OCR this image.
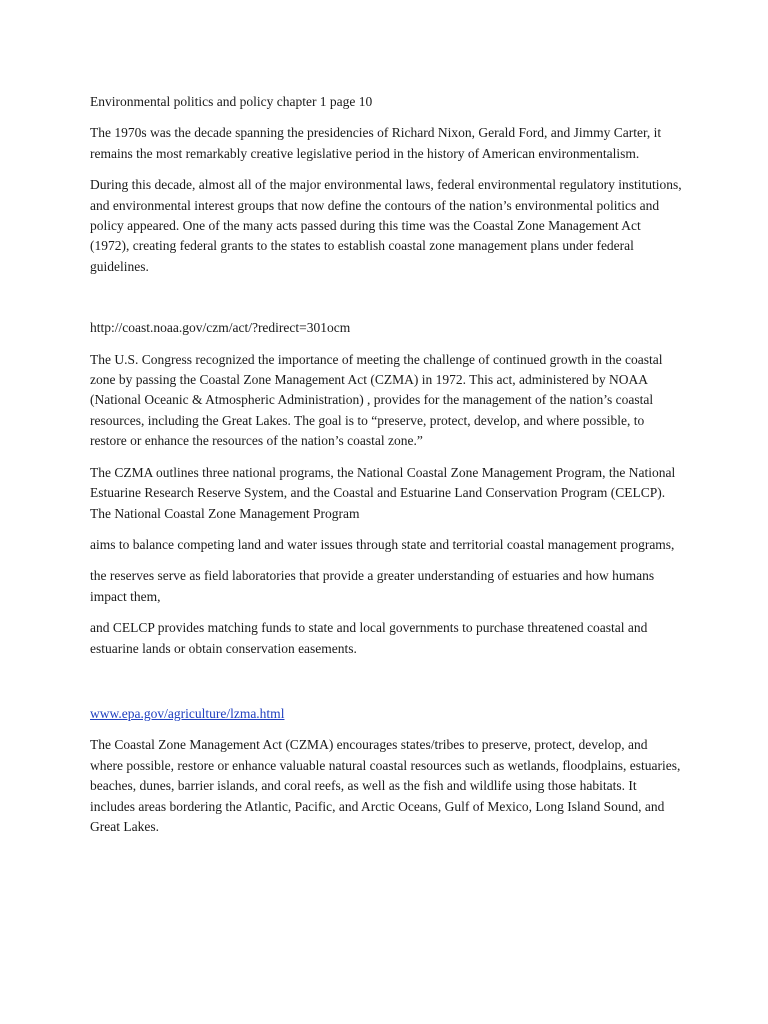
Environmental politics and policy chapter 1 page 10

The 1970s was the decade spanning the presidencies of Richard Nixon, Gerald Ford, and Jimmy Carter, it remains the most remarkably creative legislative period in the history of American environmentalism.

During this decade, almost all of the major environmental laws, federal environmental regulatory institutions, and environmental interest groups that now define the contours of the nation’s environmental politics and policy appeared. One of the many acts passed during this time was the Coastal Zone Management Act (1972), creating federal grants to the states to establish coastal zone management plans under federal guidelines.

http://coast.noaa.gov/czm/act/?redirect=301ocm

The U.S. Congress recognized the importance of meeting the challenge of continued growth in the coastal zone by passing the Coastal Zone Management Act (CZMA) in 1972. This act, administered by NOAA (National Oceanic & Atmospheric Administration) , provides for the management of the nation’s coastal resources, including the Great Lakes. The goal is to “preserve, protect, develop, and where possible, to restore or enhance the resources of the nation’s coastal zone.”

The CZMA outlines three national programs, the National Coastal Zone Management Program, the National Estuarine Research Reserve System, and the Coastal and Estuarine Land Conservation Program (CELCP). The National Coastal Zone Management Program

aims to balance competing land and water issues through state and territorial coastal management programs,

the reserves serve as field laboratories that provide a greater understanding of estuaries and how humans impact them,

and CELCP provides matching funds to state and local governments to purchase threatened coastal and estuarine lands or obtain conservation easements.

www.epa.gov/agriculture/lzma.html

The Coastal Zone Management Act (CZMA) encourages states/tribes to preserve, protect, develop, and where possible, restore or enhance valuable natural coastal resources such as wetlands, floodplains, estuaries, beaches, dunes, barrier islands, and coral reefs, as well as the fish and wildlife using those habitats. It includes areas bordering the Atlantic, Pacific, and Arctic Oceans, Gulf of Mexico, Long Island Sound, and Great Lakes.
